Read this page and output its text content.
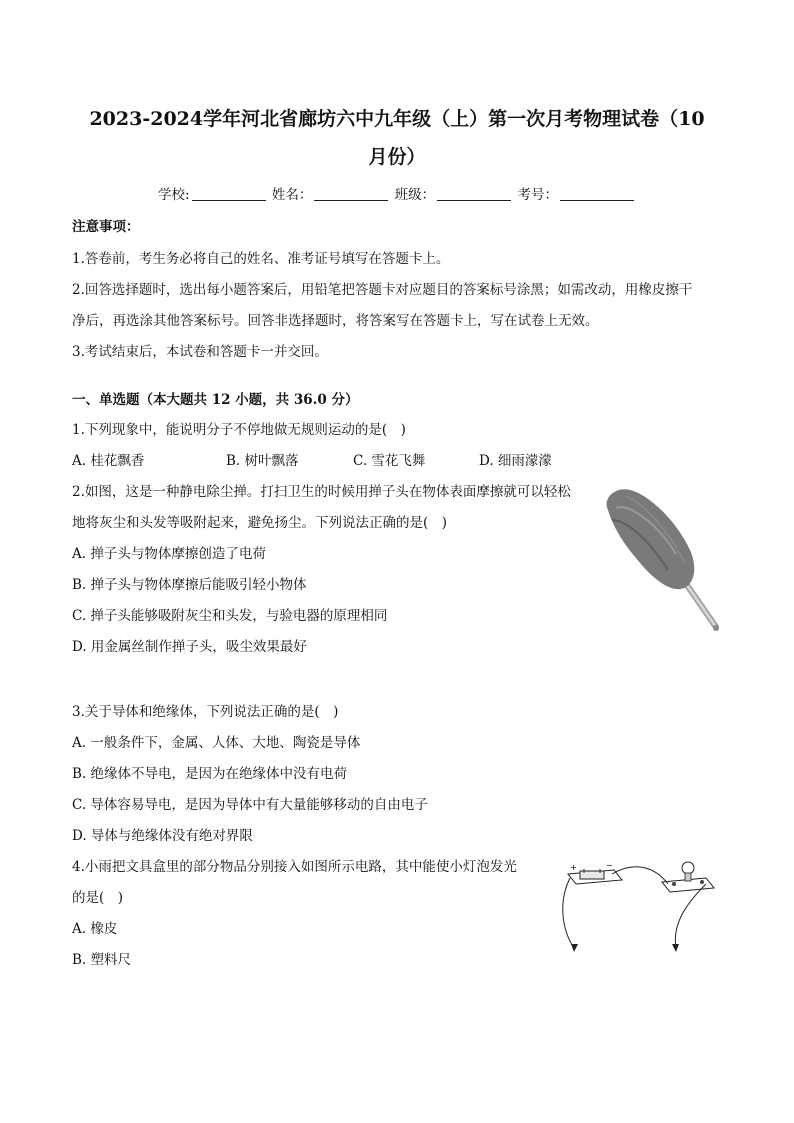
2023-2024学年河北省廊坊六中九年级（上）第一次月考物理试卷（10
月份）
学校:	姓名：	班级：	考号：
注意事项：
1.答卷前，考生务必将自己的姓名、准考证号填写在答题卡上。
2.回答选择题时，选出每小题答案后，用铅笔把答题卡对应题目的答案标号涂黑；如需改动，用橡皮擦干
净后，再选涂其他答案标号。回答非选择题时，将答案写在答题卡上，写在试卷上无效。
3.考试结束后，本试卷和答题卡一并交回。
一、单选题（本大题共 12 小题，共 36.0 分）
1.下列现象中，能说明分子不停地做无规则运动的是(　)
A. 桂花飘香	B. 树叶飘落	C. 雪花飞舞	D. 细雨濛濛
2.如图，这是一种静电除尘掸。打扫卫生的时候用掸子头在物体表面摩擦就可以轻松
地将灰尘和头发等吸附起来，避免扬尘。下列说法正确的是(　)
A. 掸子头与物体摩擦创造了电荷
B. 掸子头与物体摩擦后能吸引轻小物体
C. 掸子头能够吸附灰尘和头发，与验电器的原理相同
D. 用金属丝制作掸子头，吸尘效果最好
3.关于导体和绝缘体，下列说法正确的是(　)
A. 一般条件下，金属、人体、大地、陶瓷是导体
B. 绝缘体不导电，是因为在绝缘体中没有电荷
C. 导体容易导电，是因为导体中有大量能够移动的自由电子
D. 导体与绝缘体没有绝对界限
4.小雨把文具盒里的部分物品分别接入如图所示电路，其中能使小灯泡发光
的是(　)
A. 橡皮
B. 塑料尺
+	−
